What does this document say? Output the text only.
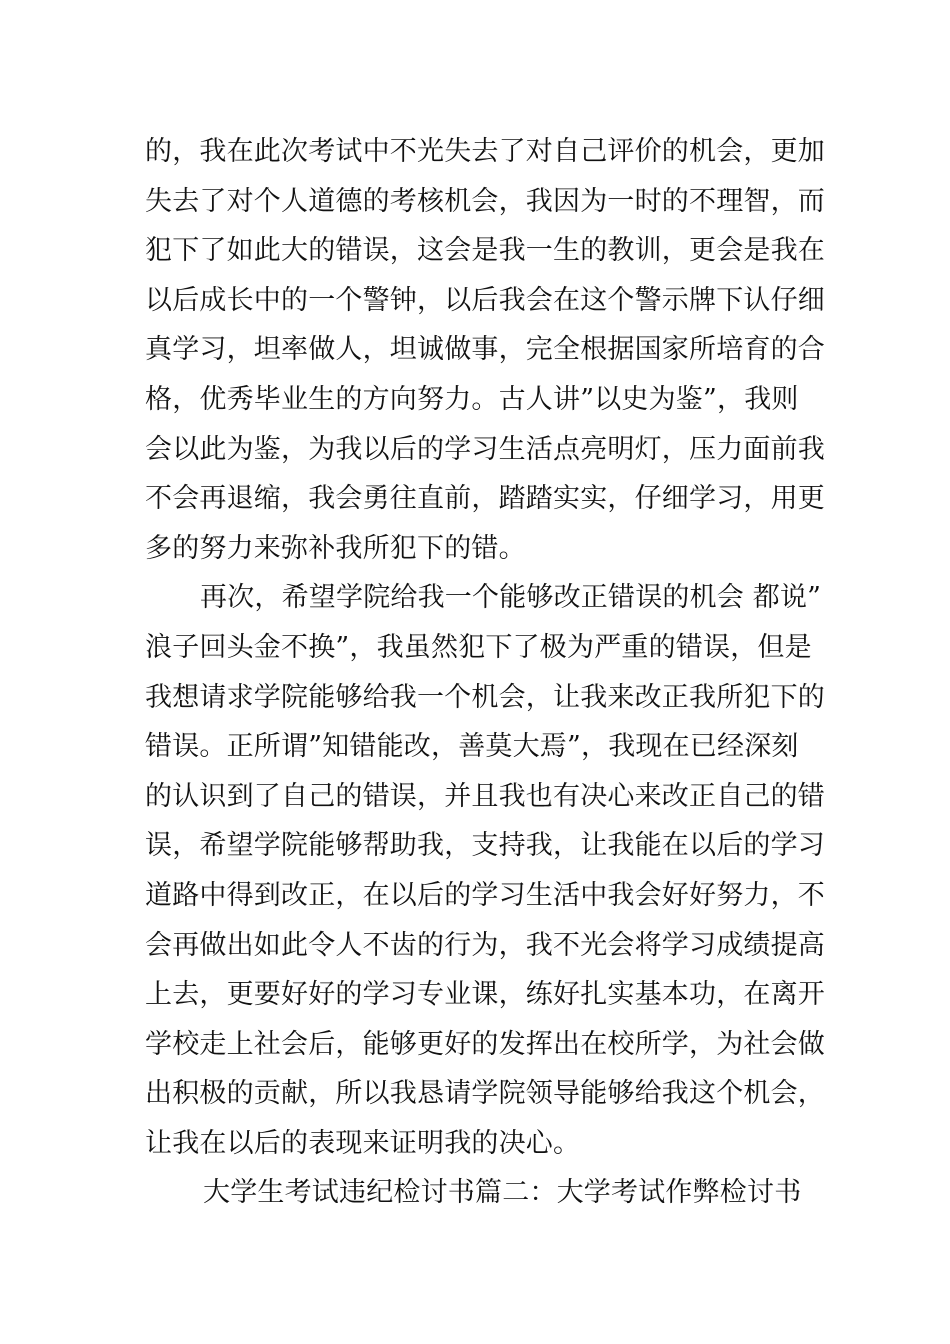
的，我在此次考试中不光失去了对自己评价的机会，更加
失去了对个人道德的考核机会，我因为一时的不理智，而
犯下了如此大的错误，这会是我一生的教训，更会是我在
以后成长中的一个警钟，以后我会在这个警示牌下认仔细
真学习，坦率做人，坦诚做事，完全根据国家所培育的合
格，优秀毕业生的方向努力。古人讲”以史为鉴”，我则
会以此为鉴，为我以后的学习生活点亮明灯，压力面前我
不会再退缩，我会勇往直前，踏踏实实，仔细学习，用更
多的努力来弥补我所犯下的错。
再次，希望学院给我一个能够改正错误的机会 都说”
浪子回头金不换”，我虽然犯下了极为严重的错误，但是
我想请求学院能够给我一个机会，让我来改正我所犯下的
错误。正所谓”知错能改，善莫大焉”，我现在已经深刻
的认识到了自己的错误，并且我也有决心来改正自己的错
误，希望学院能够帮助我，支持我，让我能在以后的学习
道路中得到改正，在以后的学习生活中我会好好努力，不
会再做出如此令人不齿的行为，我不光会将学习成绩提高
上去，更要好好的学习专业课，练好扎实基本功，在离开
学校走上社会后，能够更好的发挥出在校所学，为社会做
出积极的贡献，所以我恳请学院领导能够给我这个机会，
让我在以后的表现来证明我的决心。
大学生考试违纪检讨书篇二：大学考试作弊检讨书
